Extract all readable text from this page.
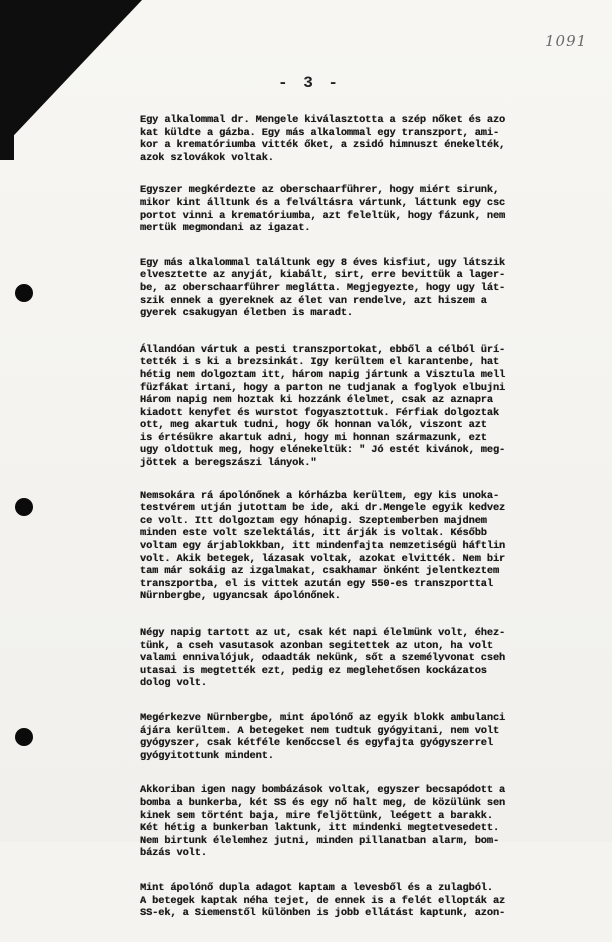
1091
- 3 -
Egy alkalommal dr. Mengele kiválasztotta a szép nőket és azo
kat küldte a gázba. Egy más alkalommal egy transzport, ami-
kor a krematóriumba vitték őket, a zsidó himnuszt énekelték,
azok szlovákok voltak.
Egyszer megkérdezte az oberschaarführer, hogy miért sirunk,
mikor kint álltunk és a felváltásra vártunk, láttunk egy csc
portot vinni a krematóriumba, azt feleltük, hogy fázunk, nem
mertük megmondani az igazat.
Egy más alkalommal találtunk egy 8 éves kisfiut, ugy látszik
elvesztette az anyját, kiabált, sirt, erre bevittük a lager-
be, az oberschaarführer meglátta. Megjegyezte, hogy ugy lát-
szik ennek a gyereknek az élet van rendelve, azt hiszem a
gyerek csakugyan életben is maradt.
Állandóan vártuk a pesti transzportokat, ebből a célból ürí-
tették i s ki a brezsinkát. Igy kerültem el karantenbe, hat
hétig nem dolgoztam itt, három napig jártunk a Visztula mell
füzfákat irtani, hogy a parton ne tudjanak a foglyok elbujni
Három napig nem hoztak ki hozzánk élelmet, csak az aznapra
kiadott kenyfet és wurstot fogyasztottuk. Férfiak dolgoztak
ott, meg akartuk tudni, hogy ők honnan valók, viszont azt
is értésükre akartuk adni, hogy mi honnan származunk, ezt
ugy oldottuk meg, hogy elénekeltük: " Jó estét kivánok, meg-
jöttek a beregszászi lányok."
Nemsokára rá ápolónőnek a kórházba kerültem, egy kis unoka-
testvérem utján jutottam be ide, aki dr.Mengele egyik kedvez
ce volt. Itt dolgoztam egy hónapig. Szeptemberben majdnem
minden este volt szelektálás, itt árják is voltak. Később
voltam egy árjablokkban, itt mindenfajta nemzetiségü háftlin
volt. Akik betegek, lázasak voltak, azokat elvitték. Nem bir
tam már sokáig az izgalmakat, csakhamar önként jelentkeztem
transzportba, el is vittek azután egy 550-es transzporttal
Nürnbergbe, ugyancsak ápolónőnek.
Négy napig tartott az ut, csak két napi élelmünk volt, éhez-
tünk, a cseh vasutasok azonban segitettek az uton, ha volt
valami ennivalójuk, odaadták nekünk, sőt a személyvonat cseh
utasai is megtették ezt, pedig ez meglehetősen kockázatos
dolog volt.
Megérkezve Nürnbergbe, mint ápolónő az egyik blokk ambulanci
ájára kerültem. A betegeket nem tudtuk gyógyitani, nem volt
gyógyszer, csak kétféle kenőccsel és egyfajta gyógyszerrel
gyógyitottunk mindent.
Akkoriban igen nagy bombázások voltak, egyszer becsapódott a
bomba a bunkerba, két SS és egy nő halt meg, de közülünk sen
kinek sem történt baja, mire feljöttünk, leégett a barakk.
Két hétig a bunkerban laktunk, itt mindenki megtetvesedett.
Nem birtunk élelemhez jutni, minden pillanatban alarm, bom-
bázás volt.
Mint ápolónő dupla adagot kaptam a levesből és a zulagból.
A betegek kaptak néha tejet, de ennek is a felét ellopták az
SS-ek, a Siemenstől különben is jobb ellátást kaptunk, azon-
